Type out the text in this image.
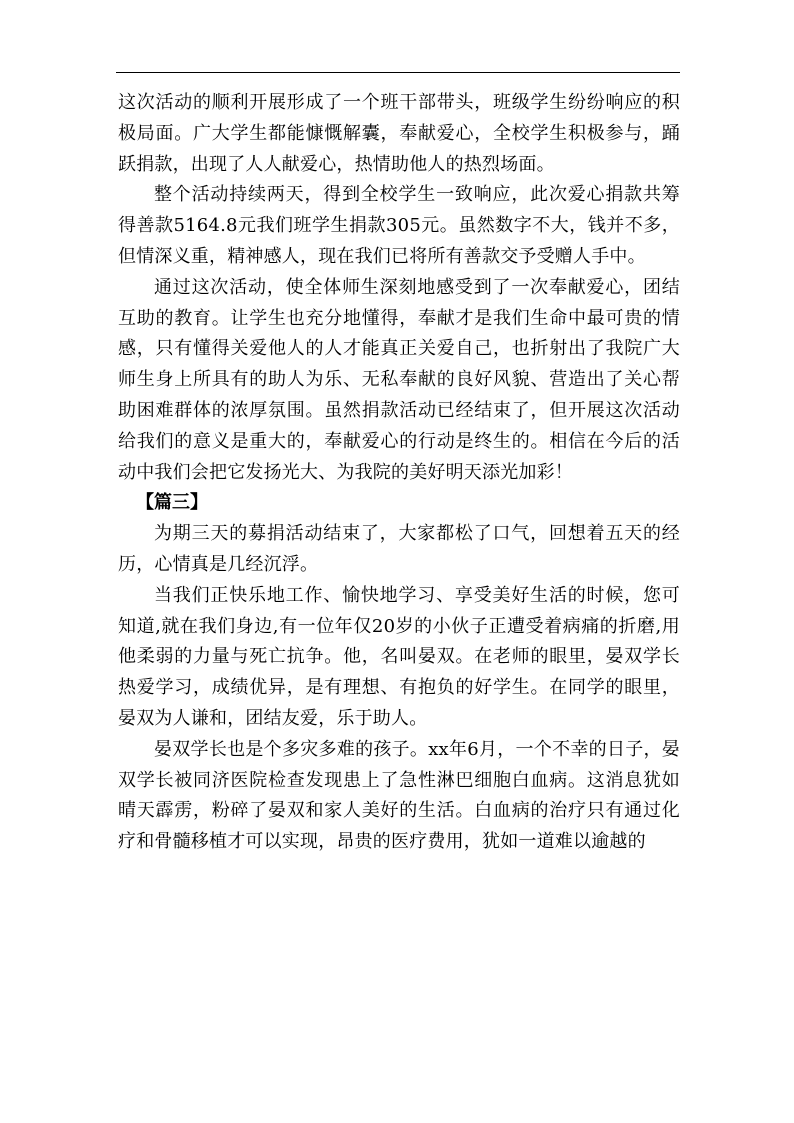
这次活动的顺利开展形成了一个班干部带头，班级学生纷纷响应的积极局面。广大学生都能慷慨解囊，奉献爱心，全校学生积极参与，踊跃捐款，出现了人人献爱心，热情助他人的热烈场面。

整个活动持续两天，得到全校学生一致响应，此次爱心捐款共筹得善款5164.8元我们班学生捐款305元。虽然数字不大，钱并不多，但情深义重，精神感人，现在我们已将所有善款交予受赠人手中。

通过这次活动，使全体师生深刻地感受到了一次奉献爱心，团结互助的教育。让学生也充分地懂得，奉献才是我们生命中最可贵的情感，只有懂得关爱他人的人才能真正关爱自己，也折射出了我院广大师生身上所具有的助人为乐、无私奉献的良好风貌、营造出了关心帮助困难群体的浓厚氛围。虽然捐款活动已经结束了，但开展这次活动给我们的意义是重大的，奉献爱心的行动是终生的。相信在今后的活动中我们会把它发扬光大、为我院的美好明天添光加彩！

【篇三】

为期三天的募捐活动结束了，大家都松了口气，回想着五天的经历，心情真是几经沉浮。

当我们正快乐地工作、愉快地学习、享受美好生活的时候，您可知道,就在我们身边,有一位年仅20岁的小伙子正遭受着病痛的折磨,用他柔弱的力量与死亡抗争。他，名叫晏双。在老师的眼里，晏双学长热爱学习，成绩优异，是有理想、有抱负的好学生。在同学的眼里，晏双为人谦和，团结友爱，乐于助人。

晏双学长也是个多灾多难的孩子。xx年6月，一个不幸的日子，晏双学长被同济医院检查发现患上了急性淋巴细胞白血病。这消息犹如晴天霹雳，粉碎了晏双和家人美好的生活。白血病的治疗只有通过化疗和骨髓移植才可以实现，昂贵的医疗费用，犹如一道难以逾越的
